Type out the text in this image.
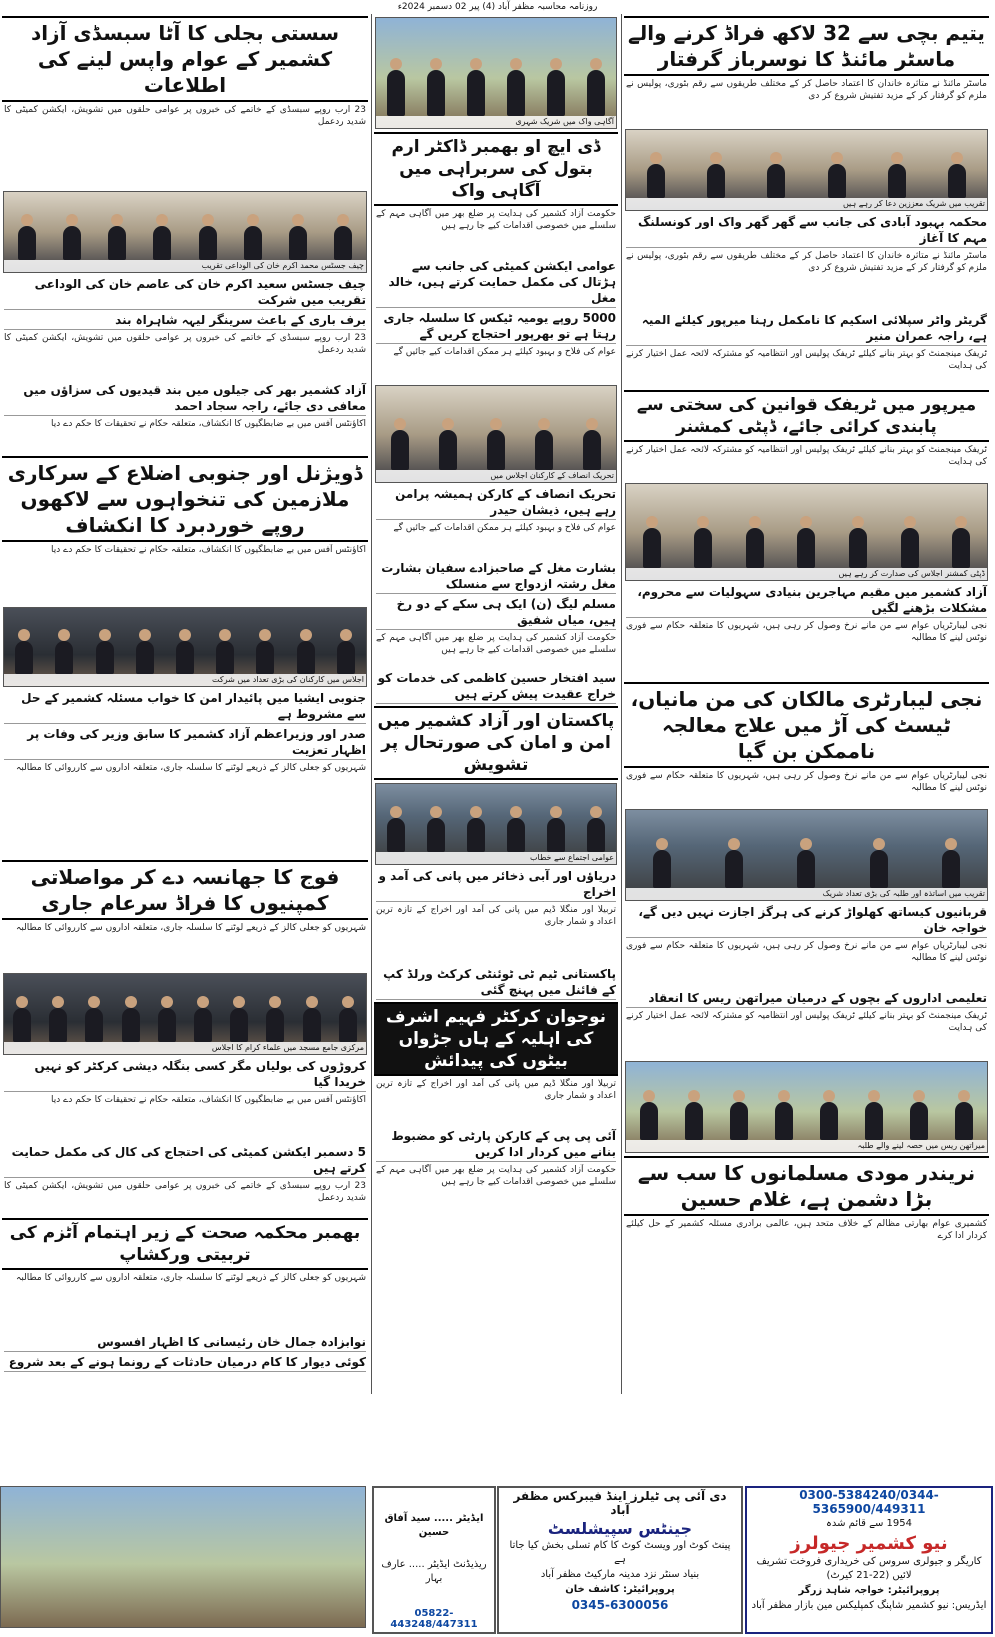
روزنامہ محاسبہ مظفر آباد (4) پیر 02 دسمبر 2024ء
یتیم بچی سے 32 لاکھ فراڈ کرنے والے ماسٹر مائنڈ کا نوسرباز گرفتار
ماسٹر مائنڈ نے متاثرہ خاندان کا اعتماد حاصل کر کے مختلف طریقوں سے رقم بٹوری، پولیس نے ملزم کو گرفتار کر کے مزید تفتیش شروع کر دی
تقریب میں شریک معززین دعا کر رہے ہیں
محکمہ بہبود آبادی کی جانب سے گھر گھر واک اور کونسلنگ مہم کا آغاز
ماسٹر مائنڈ نے متاثرہ خاندان کا اعتماد حاصل کر کے مختلف طریقوں سے رقم بٹوری، پولیس نے ملزم کو گرفتار کر کے مزید تفتیش شروع کر دی
گریٹر واٹر سپلائی اسکیم کا نامکمل رہنا میرپور کیلئے المیہ ہے، راجہ عمران منیر
ٹریفک مینجمنٹ کو بہتر بنانے کیلئے ٹریفک پولیس اور انتظامیہ کو مشترکہ لائحہ عمل اختیار کرنے کی ہدایت
میرپور میں ٹریفک قوانین کی سختی سے پابندی کرائی جائے، ڈپٹی کمشنر
ٹریفک مینجمنٹ کو بہتر بنانے کیلئے ٹریفک پولیس اور انتظامیہ کو مشترکہ لائحہ عمل اختیار کرنے کی ہدایت
ڈپٹی کمشنر اجلاس کی صدارت کر رہے ہیں
آزاد کشمیر میں مقیم مہاجرین بنیادی سہولیات سے محروم، مشکلات بڑھنے لگیں
نجی لیبارٹریاں عوام سے من مانے نرخ وصول کر رہی ہیں، شہریوں کا متعلقہ حکام سے فوری نوٹس لینے کا مطالبہ
نجی لیبارٹری مالکان کی من مانیاں، ٹیسٹ کی آڑ میں علاج معالجہ ناممکن بن گیا
نجی لیبارٹریاں عوام سے من مانے نرخ وصول کر رہی ہیں، شہریوں کا متعلقہ حکام سے فوری نوٹس لینے کا مطالبہ
تقریب میں اساتذہ اور طلبہ کی بڑی تعداد شریک
قربانیوں کیساتھ کھلواڑ کرنے کی ہرگز اجازت نہیں دیں گے، خواجہ خان
نجی لیبارٹریاں عوام سے من مانے نرخ وصول کر رہی ہیں، شہریوں کا متعلقہ حکام سے فوری نوٹس لینے کا مطالبہ
تعلیمی اداروں کے بچوں کے درمیان میراتھن ریس کا انعقاد
ٹریفک مینجمنٹ کو بہتر بنانے کیلئے ٹریفک پولیس اور انتظامیہ کو مشترکہ لائحہ عمل اختیار کرنے کی ہدایت
میراتھن ریس میں حصہ لینے والے طلبہ
نریندر مودی مسلمانوں کا سب سے بڑا دشمن ہے، غلام حسین
کشمیری عوام بھارتی مظالم کے خلاف متحد ہیں، عالمی برادری مسئلہ کشمیر کے حل کیلئے کردار ادا کرے
آگاہی واک میں شریک شہری
ڈی ایچ او بھمبر ڈاکٹر ارم بتول کی سربراہی میں آگاہی واک
حکومت آزاد کشمیر کی ہدایت پر ضلع بھر میں آگاہی مہم کے سلسلے میں خصوصی اقدامات کیے جا رہے ہیں
عوامی ایکشن کمیٹی کی جانب سے ہڑتال کی مکمل حمایت کرتے ہیں، خالد مغل
5000 روپے یومیہ ٹیکس کا سلسلہ جاری رہتا ہے تو بھرپور احتجاج کریں گے
عوام کی فلاح و بہبود کیلئے ہر ممکن اقدامات کیے جائیں گے
تحریک انصاف کے کارکنان اجلاس میں
تحریک انصاف کے کارکن ہمیشہ پرامن رہے ہیں، ذیشان حیدر
عوام کی فلاح و بہبود کیلئے ہر ممکن اقدامات کیے جائیں گے
بشارت مغل کے صاحبزادے سفیان بشارت مغل رشتہ ازدواج سے منسلک
مسلم لیگ (ن) ایک ہی سکے کے دو رخ ہیں، میاں شفیق
حکومت آزاد کشمیر کی ہدایت پر ضلع بھر میں آگاہی مہم کے سلسلے میں خصوصی اقدامات کیے جا رہے ہیں
سید افتخار حسین کاظمی کی خدمات کو خراج عقیدت پیش کرتے ہیں
پاکستان اور آزاد کشمیر میں امن و امان کی صورتحال پر تشویش
عوامی اجتماع سے خطاب
دریاؤں اور آبی ذخائر میں پانی کی آمد و اخراج
تربیلا اور منگلا ڈیم میں پانی کی آمد اور اخراج کے تازہ ترین اعداد و شمار جاری
پاکستانی ٹیم ٹی ٹوئنٹی کرکٹ ورلڈ کپ کے فائنل میں پہنچ گئی
نوجوان کرکٹر فہیم اشرف کی اہلیہ کے ہاں جڑواں بیٹوں کی پیدائش
تربیلا اور منگلا ڈیم میں پانی کی آمد اور اخراج کے تازہ ترین اعداد و شمار جاری
آئی پی پی کے کارکن پارٹی کو مضبوط بنانے میں کردار ادا کریں
حکومت آزاد کشمیر کی ہدایت پر ضلع بھر میں آگاہی مہم کے سلسلے میں خصوصی اقدامات کیے جا رہے ہیں
سستی بجلی کا آٹا سبسڈی آزاد کشمیر کے عوام واپس لینے کی اطلاعات
23 ارب روپے سبسڈی کے خاتمے کی خبروں پر عوامی حلقوں میں تشویش، ایکشن کمیٹی کا شدید ردعمل
چیف جسٹس محمد اکرم خان کی الوداعی تقریب
چیف جسٹس سعید اکرم خان کی عاصم خان کی الوداعی تقریب میں شرکت
برف باری کے باعث سرینگر لیہہ شاہراہ بند
23 ارب روپے سبسڈی کے خاتمے کی خبروں پر عوامی حلقوں میں تشویش، ایکشن کمیٹی کا شدید ردعمل
آزاد کشمیر بھر کی جیلوں میں بند قیدیوں کی سزاؤں میں معافی دی جائے، راجہ سجاد احمد
اکاؤنٹس آفس میں بے ضابطگیوں کا انکشاف، متعلقہ حکام نے تحقیقات کا حکم دے دیا
ڈویژنل اور جنوبی اضلاع کے سرکاری ملازمین کی تنخواہوں سے لاکھوں روپے خوردبرد کا انکشاف
اکاؤنٹس آفس میں بے ضابطگیوں کا انکشاف، متعلقہ حکام نے تحقیقات کا حکم دے دیا
اجلاس میں کارکنان کی بڑی تعداد میں شرکت
جنوبی ایشیا میں پائیدار امن کا خواب مسئلہ کشمیر کے حل سے مشروط ہے
صدر اور وزیراعظم آزاد کشمیر کا سابق وزیر کی وفات پر اظہار تعزیت
شہریوں کو جعلی کالز کے ذریعے لوٹنے کا سلسلہ جاری، متعلقہ اداروں سے کارروائی کا مطالبہ
فوج کا جھانسہ دے کر مواصلاتی کمپنیوں کا فراڈ سرعام جاری
شہریوں کو جعلی کالز کے ذریعے لوٹنے کا سلسلہ جاری، متعلقہ اداروں سے کارروائی کا مطالبہ
مرکزی جامع مسجد میں علماء کرام کا اجلاس
کروڑوں کی بولیاں مگر کسی بنگلہ دیشی کرکٹر کو نہیں خریدا گیا
اکاؤنٹس آفس میں بے ضابطگیوں کا انکشاف، متعلقہ حکام نے تحقیقات کا حکم دے دیا
5 دسمبر ایکشن کمیٹی کی احتجاج کی کال کی مکمل حمایت کرتے ہیں
23 ارب روپے سبسڈی کے خاتمے کی خبروں پر عوامی حلقوں میں تشویش، ایکشن کمیٹی کا شدید ردعمل
بھمبر محکمہ صحت کے زیر اہتمام آٹزم کی تربیتی ورکشاپ
شہریوں کو جعلی کالز کے ذریعے لوٹنے کا سلسلہ جاری، متعلقہ اداروں سے کارروائی کا مطالبہ
نوابزادہ جمال خان رئیسانی کا اظہار افسوس
کوئی دیوار کا کام درمیان حادثات کے رونما ہونے کے بعد شروع
0300-5384240/0344-5365900/449311
1954 سے قائم شدہ
نیو کشمیر جیولرز
کاریگر و جیولری سروس کی خریداری فروخت تشریف لائیں (22-21 کیرٹ)
پروپرائیٹر: خواجہ شاہد زرگر
ایڈریس: نیو کشمیر شاپنگ کمپلیکس مین بازار مظفر آباد
دی آئی پی ٹیلرز اینڈ فیبرکس مظفر آباد
جینٹس سپیشلسٹ
پینٹ کوٹ اور ویسٹ کوٹ کا کام تسلی بخش کیا جاتا ہے
بنیاد سنٹر نزد مدینہ مارکیٹ مظفر آباد
پروپرائیٹر: کاشف خان
0345-6300056
ایڈیٹر ..... سید آفاق حسین
ریذیڈنٹ ایڈیٹر ..... عارف بہار
05822-443248/447311
